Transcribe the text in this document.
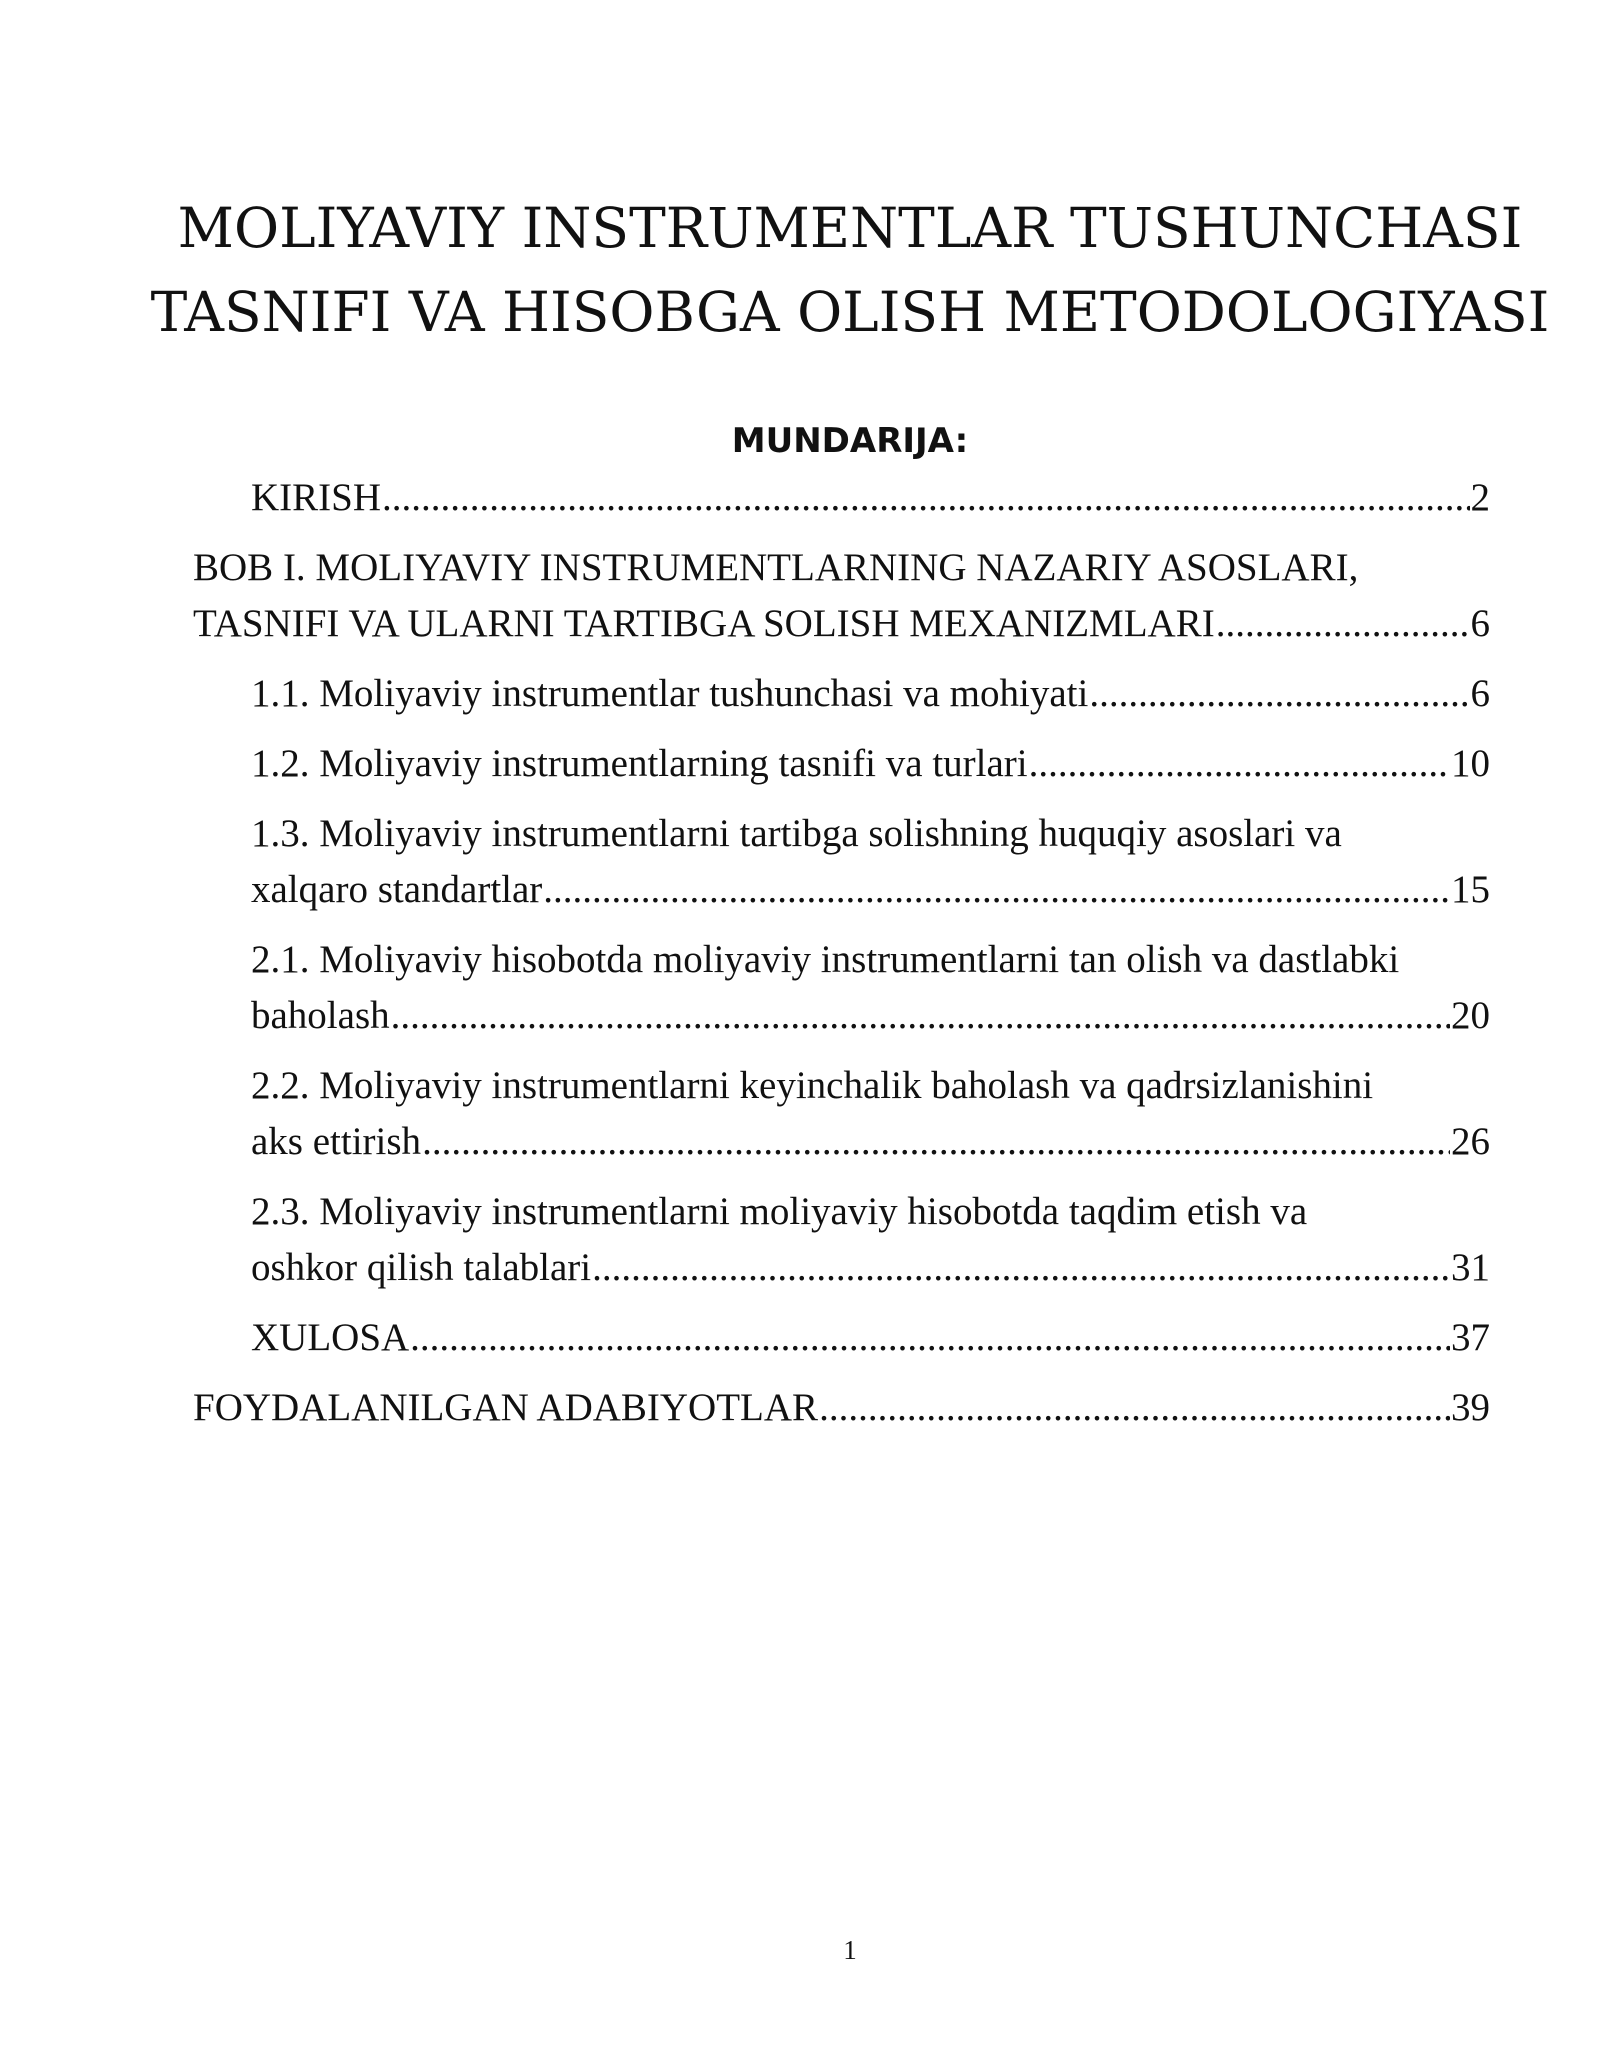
MOLIYAVIY INSTRUMENTLAR TUSHUNCHASI
TASNIFI VA HISOBGA OLISH METODOLOGIYASI
MUNDARIJA:
KIRISH .....	2
BOB I. MOLIYAVIY INSTRUMENTLARNING NAZARIY ASOSLARI,
TASNIFI VA ULARNI TARTIBGA SOLISH MEXANIZMLARI .....	6
1.1. Moliyaviy instrumentlar tushunchasi va mohiyati .....	6
1.2. Moliyaviy instrumentlarning tasnifi va turlari .....	10
1.3. Moliyaviy instrumentlarni tartibga solishning huquqiy asoslari va
xalqaro standartlar .....	15
2.1. Moliyaviy hisobotda moliyaviy instrumentlarni tan olish va dastlabki
baholash .....	20
2.2. Moliyaviy instrumentlarni keyinchalik baholash va qadrsizlanishini
aks ettirish .....	26
2.3. Moliyaviy instrumentlarni moliyaviy hisobotda taqdim etish va
oshkor qilish talablari .....	31
XULOSA .....	37
FOYDALANILGAN ADABIYOTLAR .....	39
1
